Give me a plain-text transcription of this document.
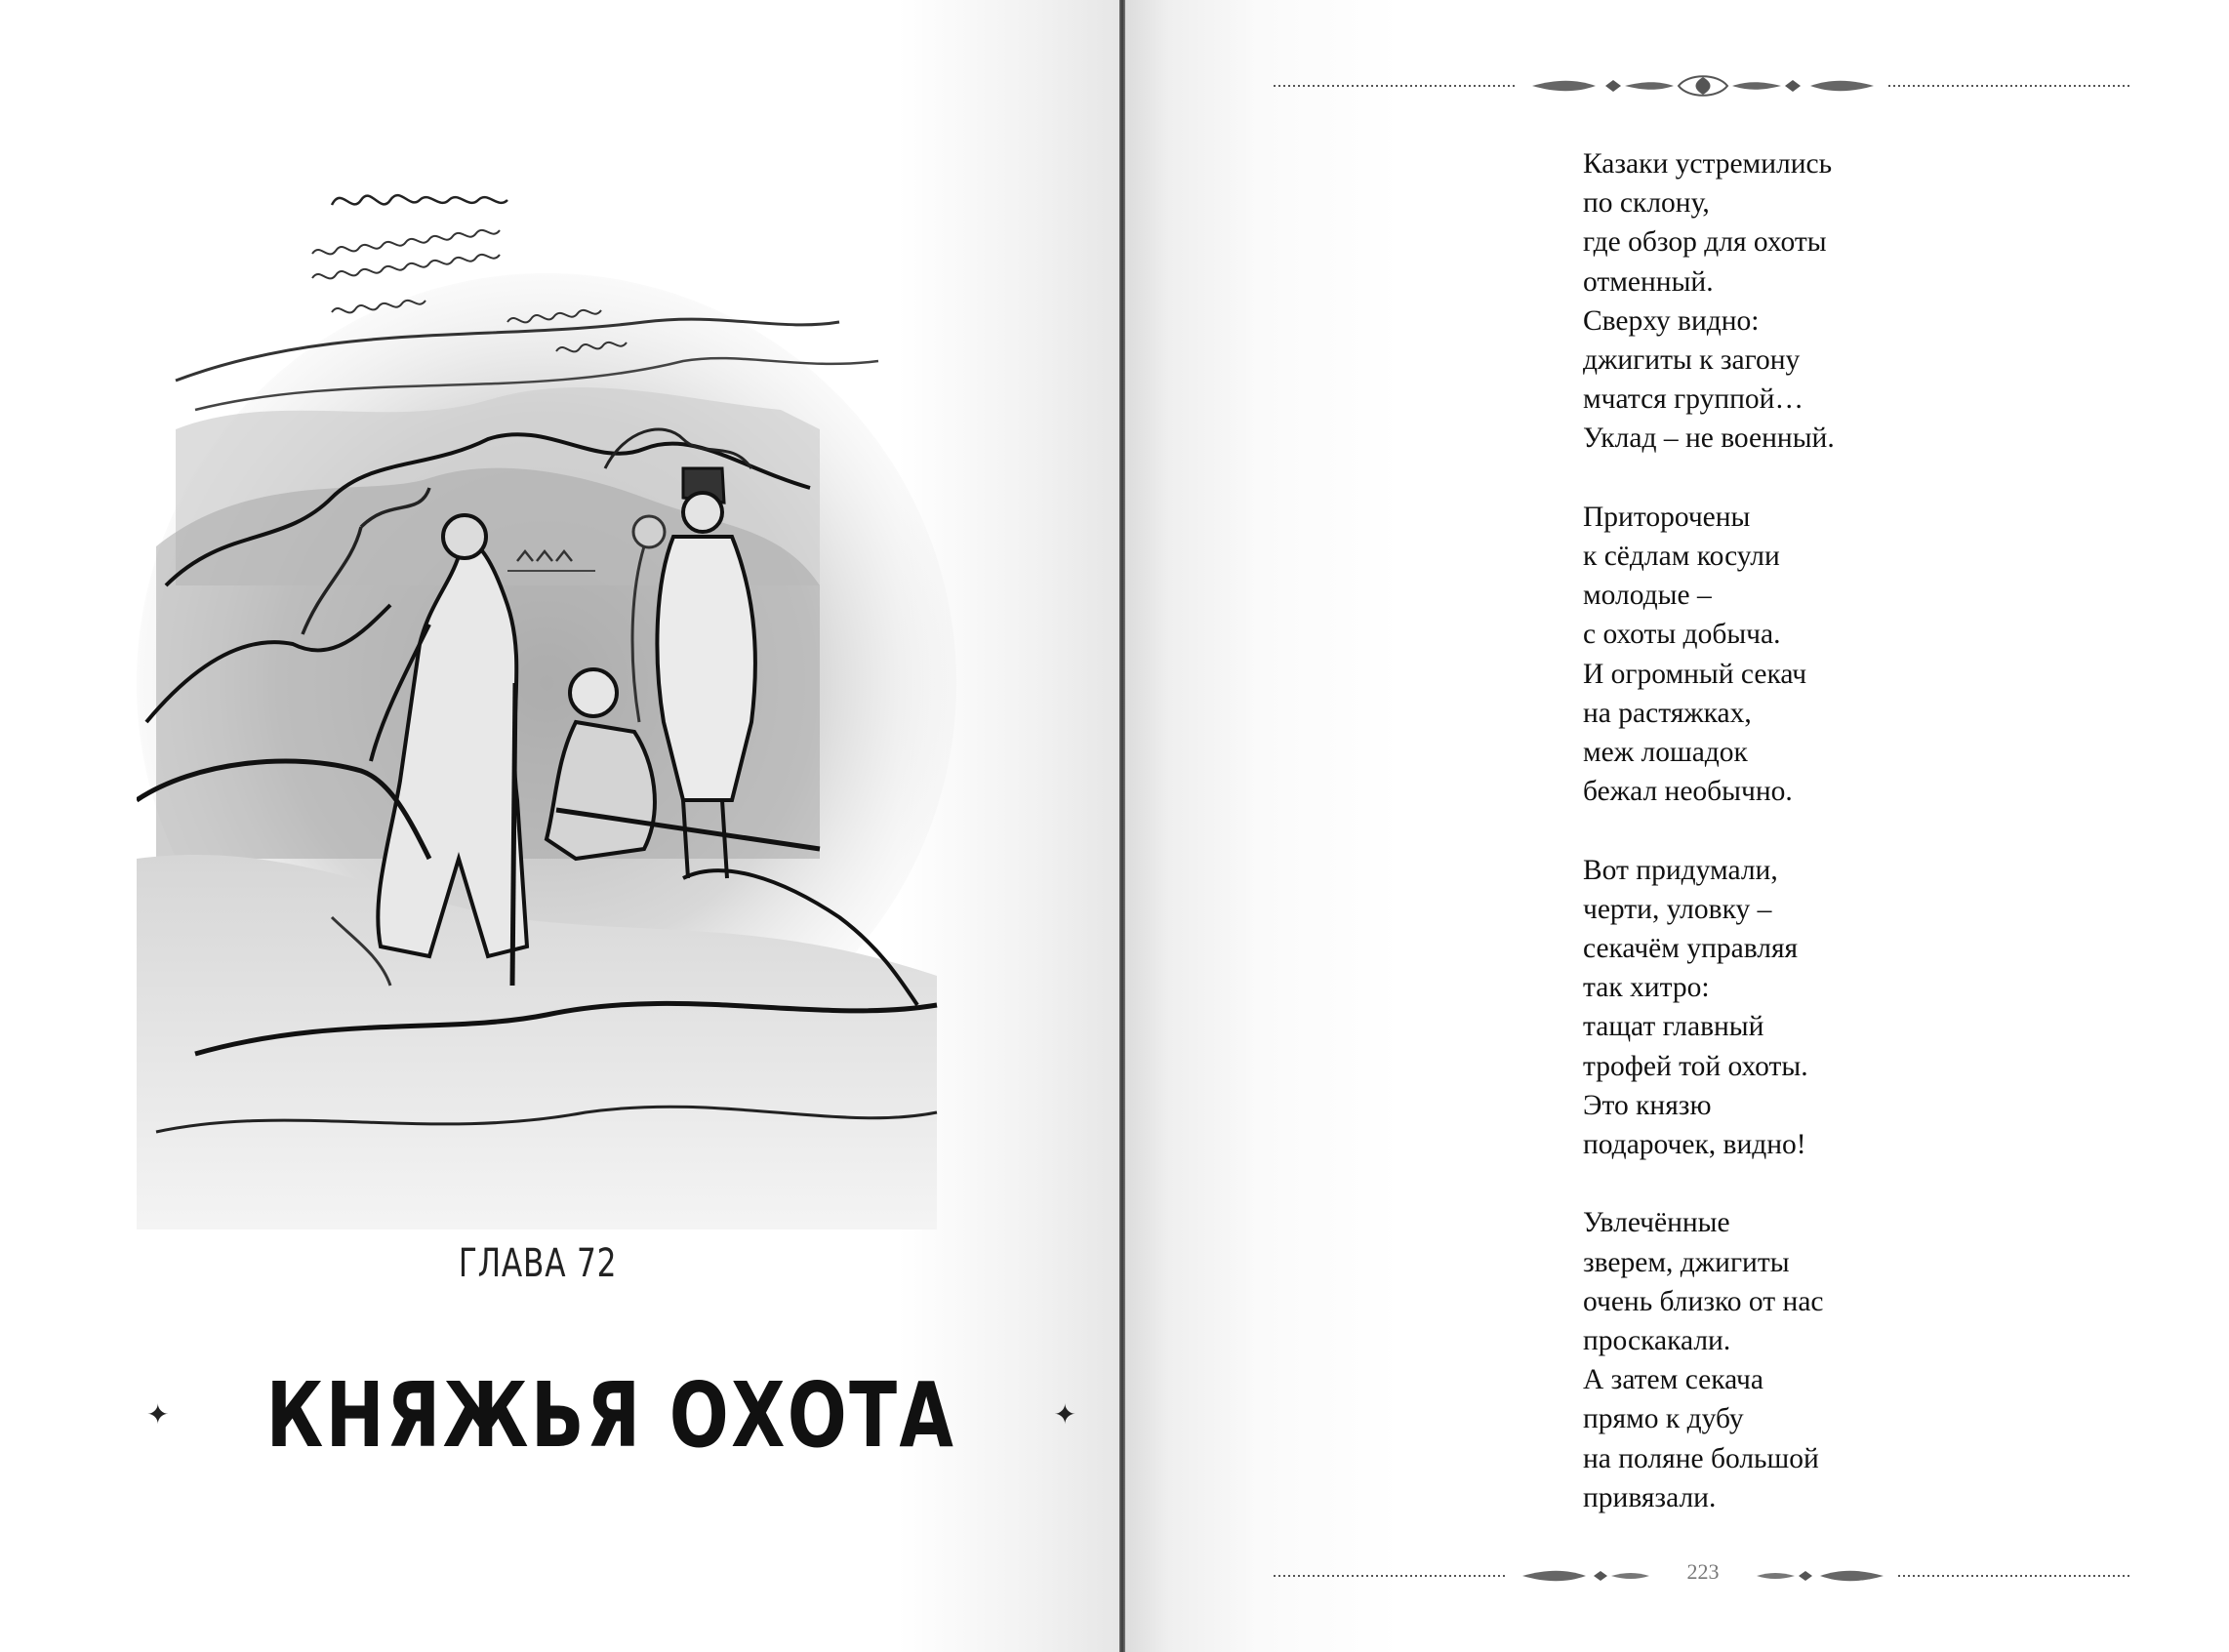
ГЛАВА 72
✦ КНЯЖЬЯ ОХОТА	✦
Казаки устремились
по склону,
где обзор для охоты
отменный.
Сверху видно:
джигиты к загону
мчатся группой…
Уклад – не военный.
Приторочены
к сёдлам косули
молодые –
с охоты добыча.
И огромный секач
на растяжках,
меж лошадок
бежал необычно.
Вот придумали,
черти, уловку –
секачём управляя
так хитро:
тащат главный
трофей той охоты.
Это князю
подарочек, видно!
Увлечённые
зверем, джигиты
очень близко от нас
проскакали.
А затем секача
прямо к дубу
на поляне большой
привязали.
223
